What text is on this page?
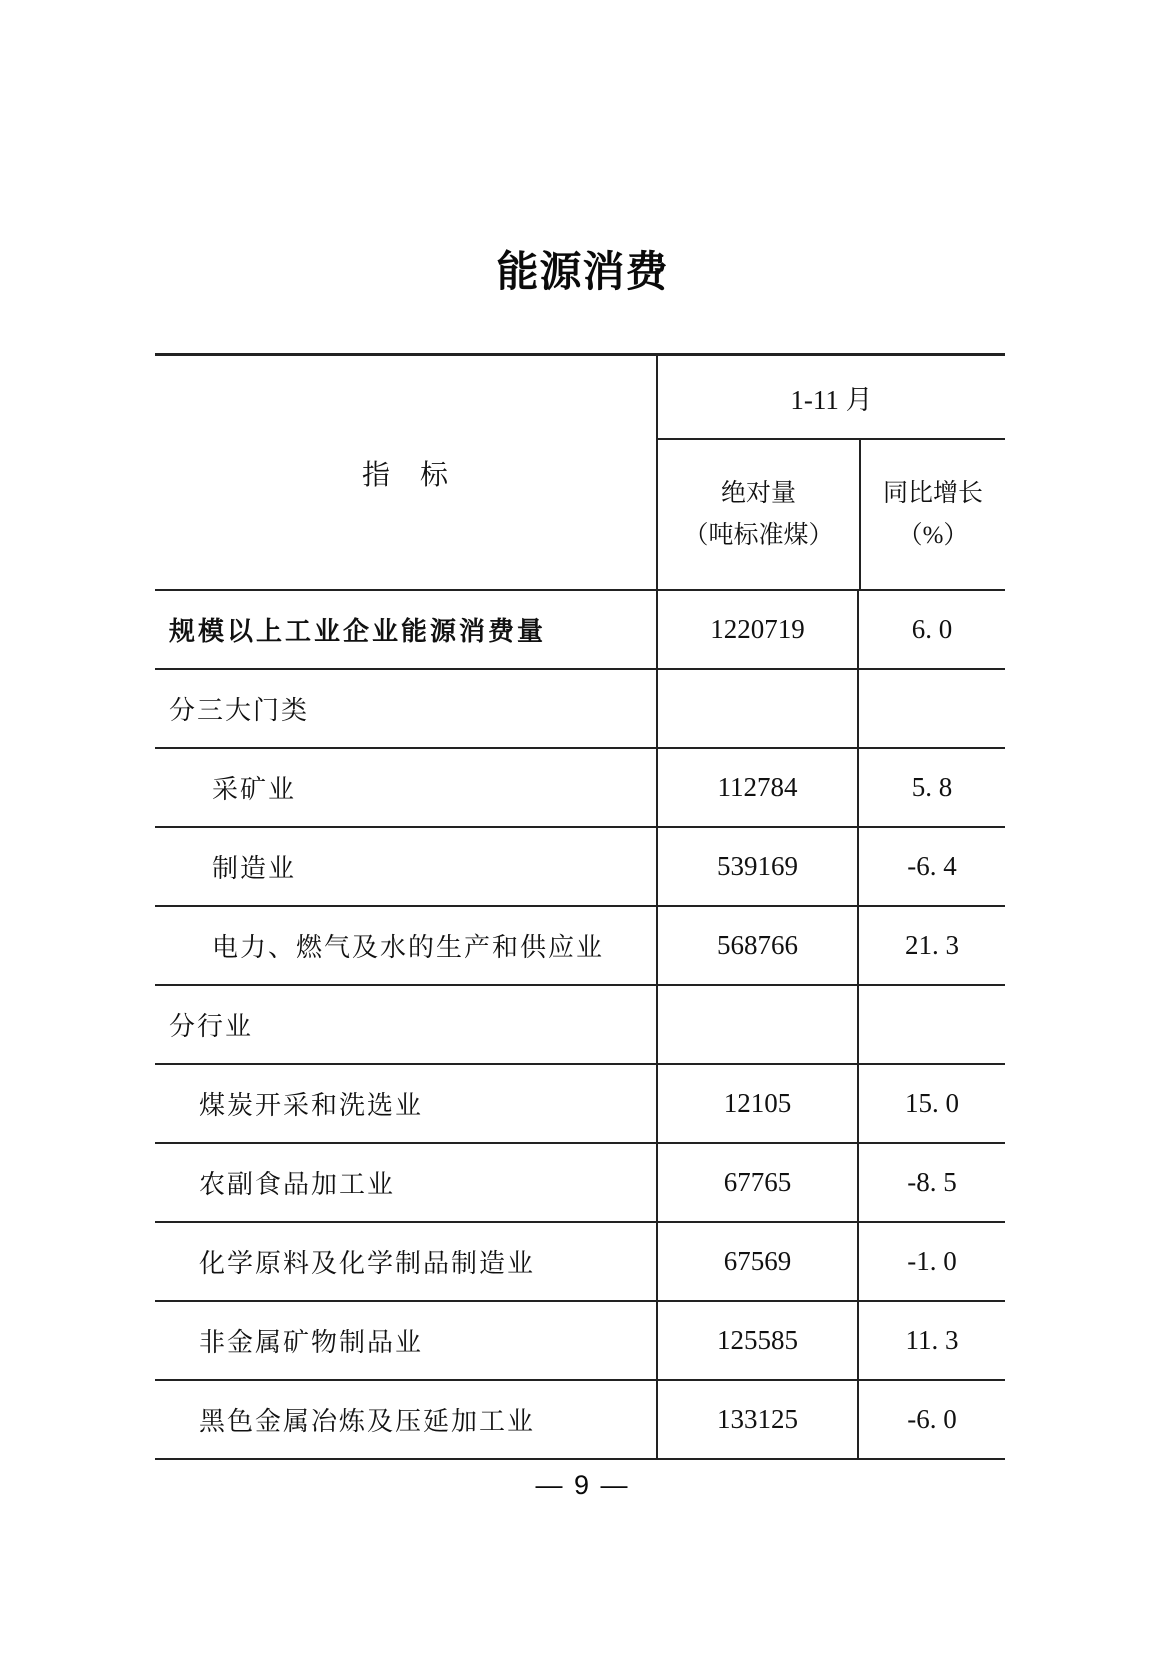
能源消费
指　标
1-11 月
绝对量
（吨标准煤）
同比增长
（%）
规模以上工业企业能源消费量	1220719	6. 0
分三大门类
采矿业	112784	5. 8
制造业	539169	-6. 4
电力、燃气及水的生产和供应业	568766	21. 3
分行业
煤炭开采和洗选业	12105	15. 0
农副食品加工业	67765	-8. 5
化学原料及化学制品制造业	67569	-1. 0
非金属矿物制品业	125585	11. 3
黑色金属冶炼及压延加工业	133125	-6. 0
— 9 —
